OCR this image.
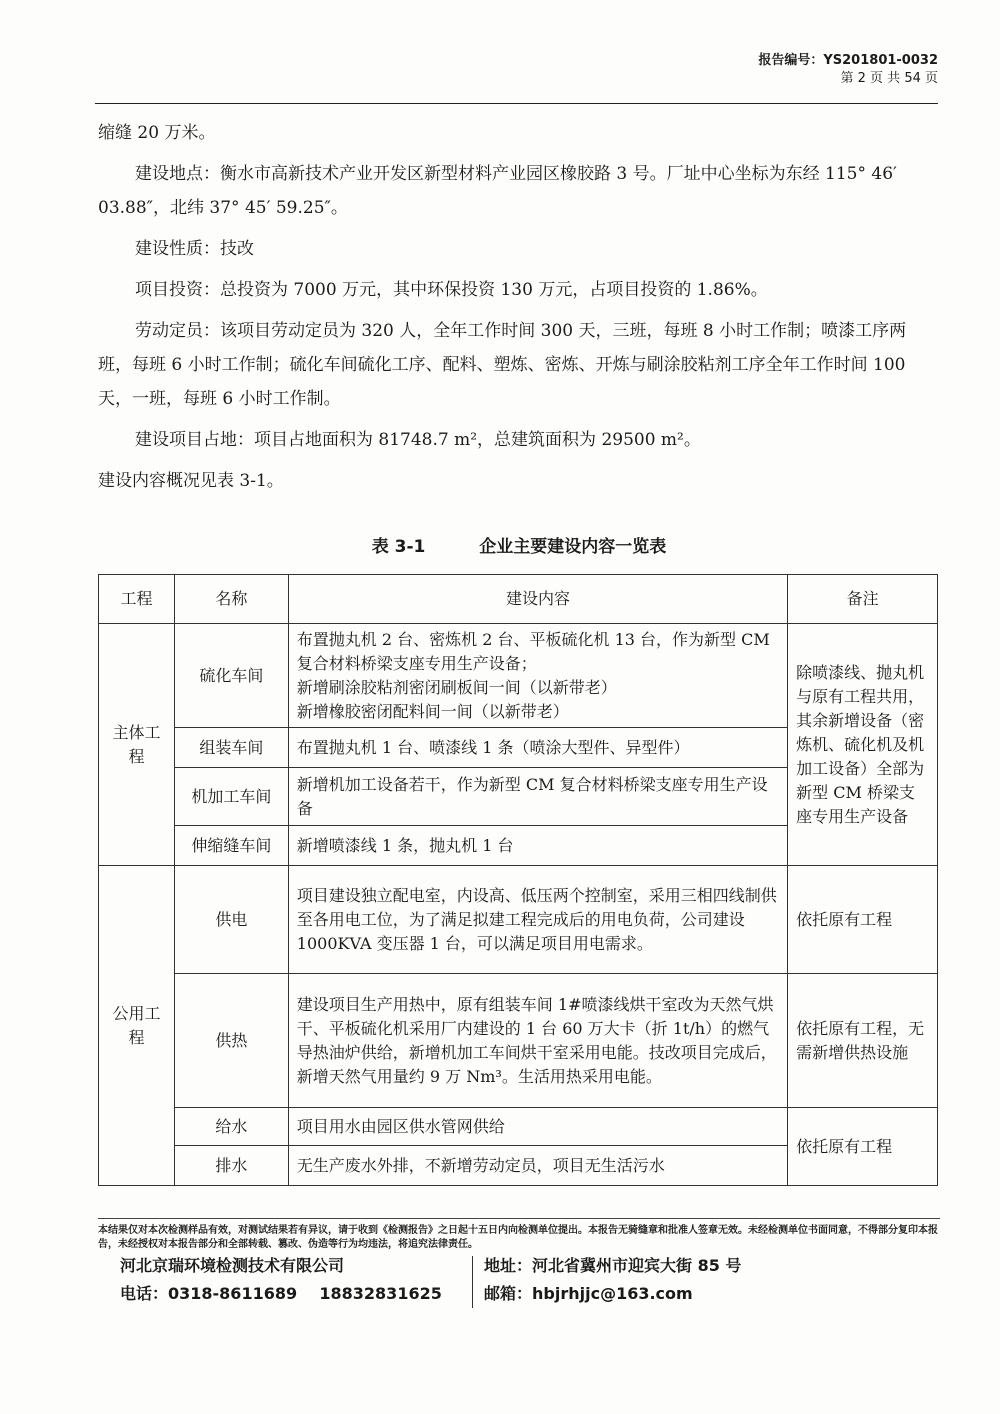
报告编号：YS201801-0032
第 2 页 共 54 页

缩缝 20 万米。

建设地点：衡水市高新技术产业开发区新型材料产业园区橡胶路 3 号。厂址中心坐标为东经 115° 46′ 03.88″，北纬 37° 45′ 59.25″。

建设性质：技改

项目投资：总投资为 7000 万元，其中环保投资 130 万元，占项目投资的 1.86%。

劳动定员：该项目劳动定员为 320 人，全年工作时间 300 天，三班，每班 8 小时工作制；喷漆工序两班，每班 6 小时工作制；硫化车间硫化工序、配料、塑炼、密炼、开炼与刷涂胶粘剂工序全年工作时间 100 天，一班，每班 6 小时工作制。

建设项目占地：项目占地面积为 81748.7 m²，总建筑面积为 29500 m²。

建设内容概况见表 3-1。

表 3-1	企业主要建设内容一览表
工程	名称	建设内容	备注
主体工程	硫化车间	布置抛丸机 2 台、密炼机 2 台、平板硫化机 13 台，作为新型 CM 复合材料桥梁支座专用生产设备；
新增刷涂胶粘剂密闭刷板间一间（以新带老）
新增橡胶密闭配料间一间（以新带老）	除喷漆线、抛丸机与原有工程共用，其余新增设备（密炼机、硫化机及机加工设备）全部为新型 CM 桥梁支座专用生产设备
	组装车间	布置抛丸机 1 台、喷漆线 1 条（喷涂大型件、异型件）	
	机加工车间	新增机加工设备若干，作为新型 CM 复合材料桥梁支座专用生产设备	
	伸缩缝车间	新增喷漆线 1 条，抛丸机 1 台	
公用工程	供电	项目建设独立配电室，内设高、低压两个控制室，采用三相四线制供至各用电工位，为了满足拟建工程完成后的用电负荷，公司建设 1000KVA 变压器 1 台，可以满足项目用电需求。	依托原有工程
	供热	建设项目生产用热中，原有组装车间 1#喷漆线烘干室改为天然气烘干、平板硫化机采用厂内建设的 1 台 60 万大卡（折 1t/h）的燃气导热油炉供给，新增机加工车间烘干室采用电能。技改项目完成后，新增天然气用量约 9 万 Nm³。生活用热采用电能。	依托原有工程，无需新增供热设施
	给水	项目用水由园区供水管网供给	依托原有工程
	排水	无生产废水外排，不新增劳动定员，项目无生活污水	
本结果仅对本次检测样品有效，对测试结果若有异议，请于收到《检测报告》之日起十五日内向检测单位提出。本报告无骑缝章和批准人签章无效。未经检测单位书面同意，不得部分复印本报告，未经授权对本报告部分和全部转载、篡改、伪造等行为均违法，将追究法律责任。
河北京瑞环境检测技术有限公司
电话：0318-8611689    18832831625
地址：河北省冀州市迎宾大街 85 号
邮箱：hbjrhjjc@163.com
